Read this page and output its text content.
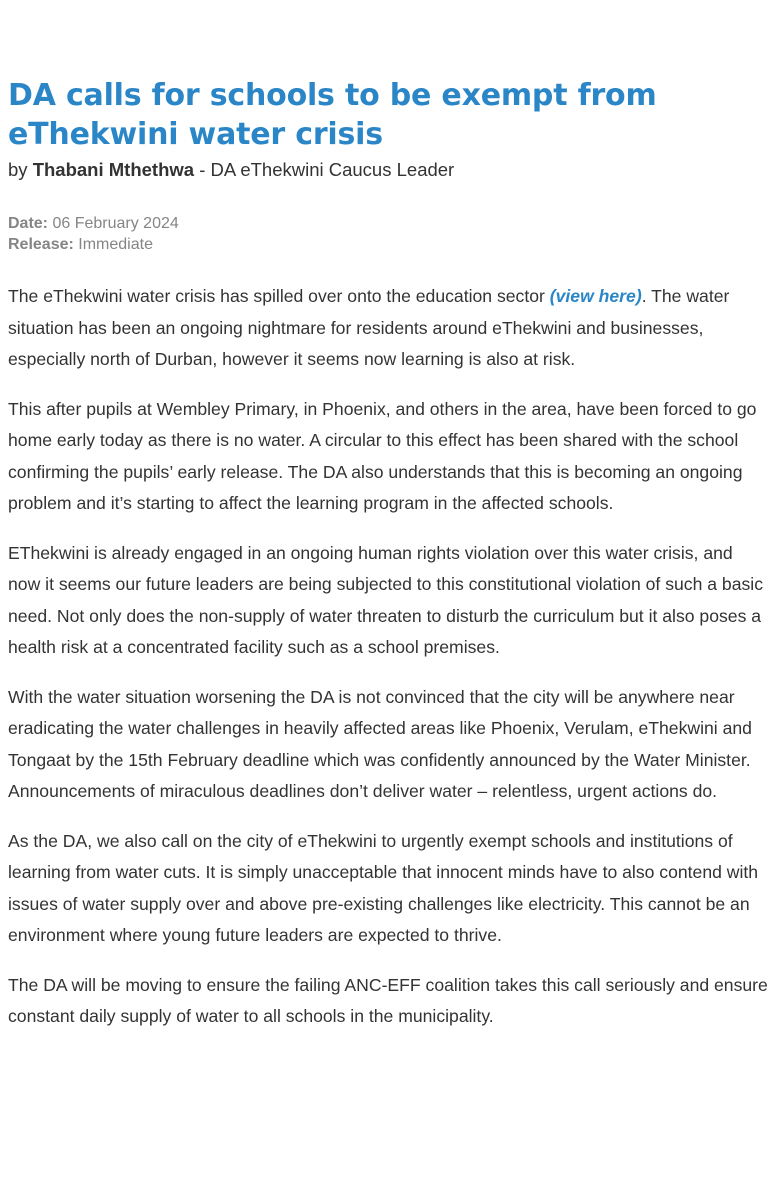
DA calls for schools to be exempt from eThekwini water crisis
by Thabani Mthethwa - DA eThekwini Caucus Leader
Date: 06 February 2024
Release: Immediate

The eThekwini water crisis has spilled over onto the education sector (view here). The water situation has been an ongoing nightmare for residents around eThekwini and businesses, especially north of Durban, however it seems now learning is also at risk.

This after pupils at Wembley Primary, in Phoenix, and others in the area, have been forced to go home early today as there is no water. A circular to this effect has been shared with the school confirming the pupils’ early release. The DA also understands that this is becoming an ongoing problem and it’s starting to affect the learning program in the affected schools.

EThekwini is already engaged in an ongoing human rights violation over this water crisis, and now it seems our future leaders are being subjected to this constitutional violation of such a basic need. Not only does the non-supply of water threaten to disturb the curriculum but it also poses a health risk at a concentrated facility such as a school premises.

With the water situation worsening the DA is not convinced that the city will be anywhere near eradicating the water challenges in heavily affected areas like Phoenix, Verulam, eThekwini and Tongaat by the 15th February deadline which was confidently announced by the Water Minister. Announcements of miraculous deadlines don’t deliver water – relentless, urgent actions do.

As the DA, we also call on the city of eThekwini to urgently exempt schools and institutions of learning from water cuts. It is simply unacceptable that innocent minds have to also contend with issues of water supply over and above pre-existing challenges like electricity. This cannot be an environment where young future leaders are expected to thrive.

The DA will be moving to ensure the failing ANC-EFF coalition takes this call seriously and ensure constant daily supply of water to all schools in the municipality.
